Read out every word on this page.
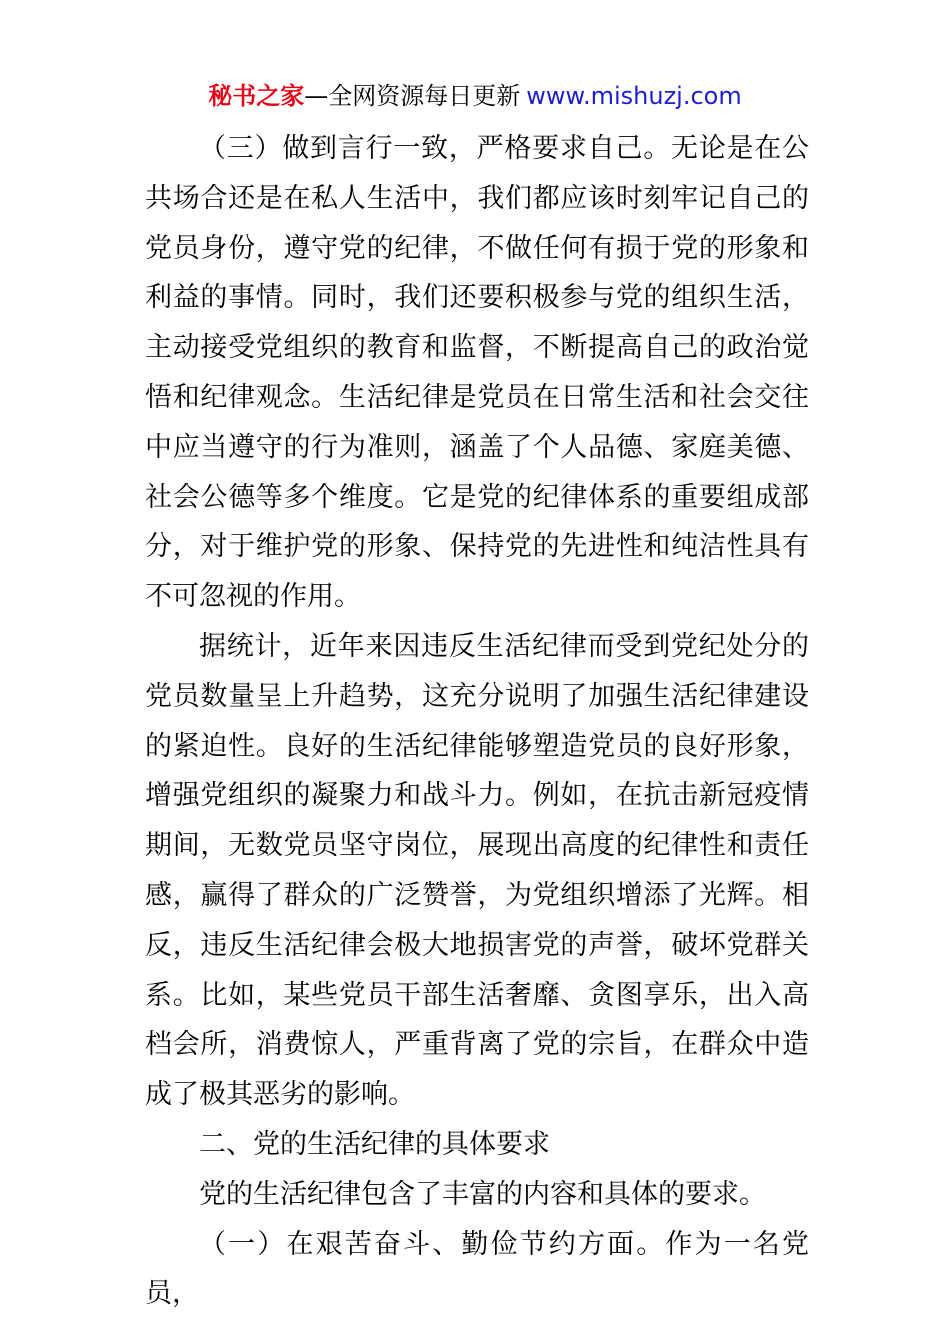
秘书之家—全网资源每日更新 www.mishuzj.com

（三）做到言行一致，严格要求自己。无论是在公共场合还是在私人生活中，我们都应该时刻牢记自己的党员身份，遵守党的纪律，不做任何有损于党的形象和利益的事情。同时，我们还要积极参与党的组织生活，主动接受党组织的教育和监督，不断提高自己的政治觉悟和纪律观念。生活纪律是党员在日常生活和社会交往中应当遵守的行为准则，涵盖了个人品德、家庭美德、社会公德等多个维度。它是党的纪律体系的重要组成部分，对于维护党的形象、保持党的先进性和纯洁性具有不可忽视的作用。

据统计，近年来因违反生活纪律而受到党纪处分的党员数量呈上升趋势，这充分说明了加强生活纪律建设的紧迫性。良好的生活纪律能够塑造党员的良好形象，增强党组织的凝聚力和战斗力。例如，在抗击新冠疫情期间，无数党员坚守岗位，展现出高度的纪律性和责任感，赢得了群众的广泛赞誉，为党组织增添了光辉。相反，违反生活纪律会极大地损害党的声誉，破坏党群关系。比如，某些党员干部生活奢靡、贪图享乐，出入高档会所，消费惊人，严重背离了党的宗旨，在群众中造成了极其恶劣的影响。

二、党的生活纪律的具体要求

党的生活纪律包含了丰富的内容和具体的要求。

（一）在艰苦奋斗、勤俭节约方面。作为一名党员，
